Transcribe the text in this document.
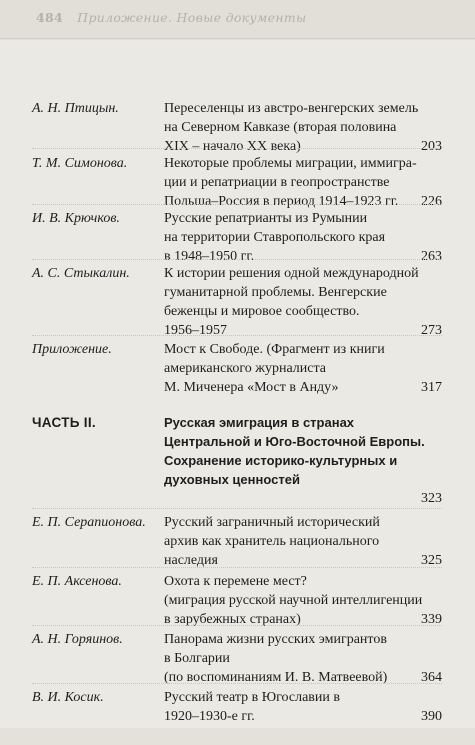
484 Приложение. Новые документы
А. Н. Птицын.	Переселенцы из австро-венгерских земель
на Северном Кавказе (вторая половина
XIX – начало XX века)	203
Т. М. Симонова.	Некоторые проблемы миграции, иммигра-
ции и репатриации в геопространстве
Польша–Россия в период 1914–1923 гг.	226
И. В. Крючков.	Русские репатрианты из Румынии
на территории Ставропольского края
в 1948–1950 гг.	263
А. С. Стыкалин.	К истории решения одной международной
гуманитарной проблемы. Венгерские
беженцы и мировое сообщество.
1956–1957	273
Приложение.	Мост к Свободе. (Фрагмент из книги
американского журналиста
М. Миченера «Мост в Анду»	317
ЧАСТЬ II.	Русская эмиграция в странах
Центральной и Юго-Восточной Европы.
Сохранение историко-культурных и
духовных ценностей
323
Е. П. Серапионова.	Русский заграничный исторический
архив как хранитель национального
наследия	325
Е. П. Аксенова.	Охота к перемене мест?
(миграция русской научной интеллигенции
в зарубежных странах)	339
А. Н. Горяинов.	Панорама жизни русских эмигрантов
в Болгарии
(по воспоминаниям И. В. Матвеевой)	364
В. И. Косик.	Русский театр в Югославии в
1920–1930-е гг.	390
